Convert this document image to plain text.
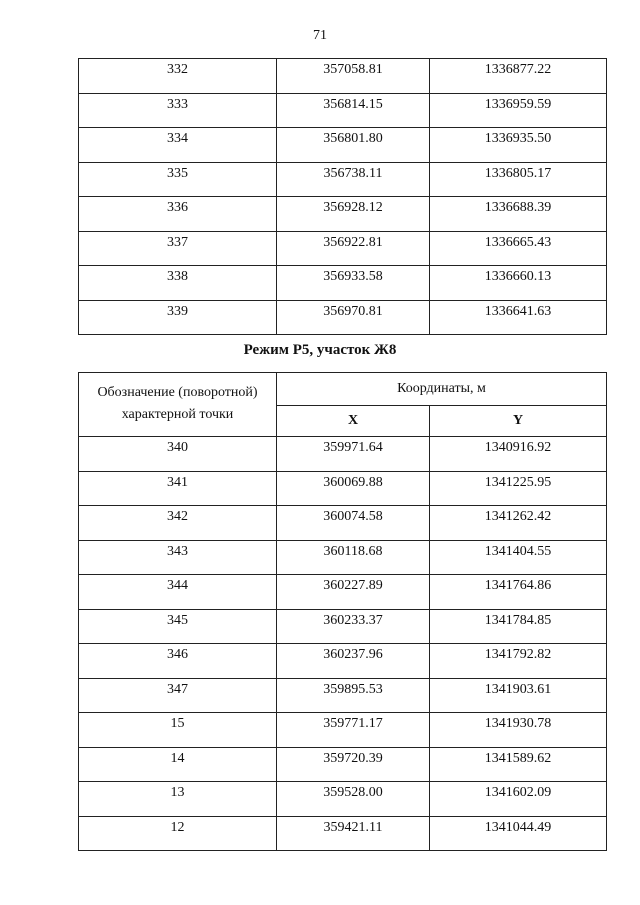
71
332	357058.81	1336877.22
333	356814.15	1336959.59
334	356801.80	1336935.50
335	356738.11	1336805.17
336	356928.12	1336688.39
337	356922.81	1336665.43
338	356933.58	1336660.13
339	356970.81	1336641.63
Режим Р5, участок Ж8
Обозначение (поворотной) характерной точки	Координаты, м	
	X	Y
340	359971.64	1340916.92
341	360069.88	1341225.95
342	360074.58	1341262.42
343	360118.68	1341404.55
344	360227.89	1341764.86
345	360233.37	1341784.85
346	360237.96	1341792.82
347	359895.53	1341903.61
15	359771.17	1341930.78
14	359720.39	1341589.62
13	359528.00	1341602.09
12	359421.11	1341044.49
